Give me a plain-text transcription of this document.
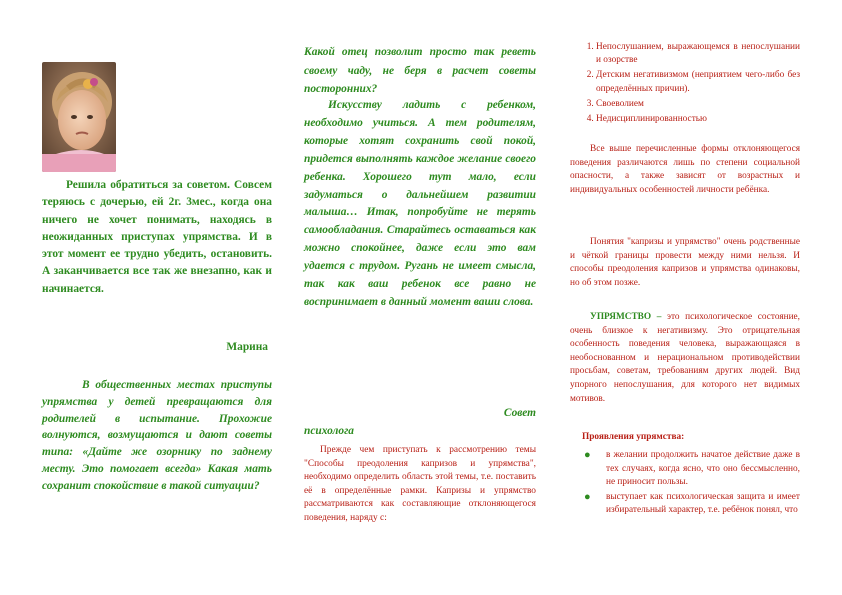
Решила обратиться за советом. Совсем теряюсь с дочерью, ей 2г. 3мес., когда она ничего не хочет понимать, находясь в неожиданных приступах упрямства. И в этот момент ее трудно убедить, остановить. А заканчивается все так же внезапно, как и начинается.

Марина

В общественных местах приступы упрямства у детей превращаются для родителей в испытание. Прохожие волнуются, возмущаются и дают советы типа: «Дайте же озорнику по заднему месту. Это помогает всегда» Какая мать сохранит спокойствие в такой ситуации?

Какой отец позволит просто так реветь своему чаду, не беря в расчет советы посторонних?

Искусству ладить с ребенком, необходимо учиться. А тем родителям, которые хотят сохранить свой покой, придется выполнять каждое желание своего ребенка. Хорошего тут мало, если задуматься о дальнейшем развитии малыша… Итак, попробуйте не терять самообладания. Старайтесь оставаться как можно спокойнее, даже если это вам удается с трудом. Ругань не имеет смысла, так как ваш ребенок все равно не воспринимает в данный момент ваши слова.

Совет
психолога

Прежде чем приступать к рассмотрению темы "Способы преодоления капризов и упрямства", необходимо определить область этой темы, т.е. поставить её в определённые рамки. Капризы и упрямство рассматриваются как составляющие отклоняющегося поведения, наряду с:

1. Непослушанием, выражающемся в непослушании и озорстве
2. Детским негативизмом (неприятием чего-либо без определённых причин).
3. Своеволием
4. Недисциплинированностью

Все выше перечисленные формы отклоняющегося поведения различаются лишь по степени социальной опасности, а также зависят от возрастных и индивидуальных особенностей личности ребёнка.

Понятия "капризы и упрямство" очень родственные и чёткой границы провести между ними нельзя. И способы преодоления капризов и упрямства одинаковы, но об этом позже.

УПРЯМСТВО – это психологическое состояние, очень близкое к негативизму. Это отрицательная особенность поведения человека, выражающаяся в необоснованном и нерациональном противодействии просьбам, советам, требованиям других людей. Вид упорного непослушания, для которого нет видимых мотивов.

Проявления упрямства:

● в желании продолжить начатое действие даже в тех случаях, когда ясно, что оно бессмысленно, не приносит пользы.
● выступает как психологическая защита и имеет избирательный характер, т.е. ребёнок понял, что
